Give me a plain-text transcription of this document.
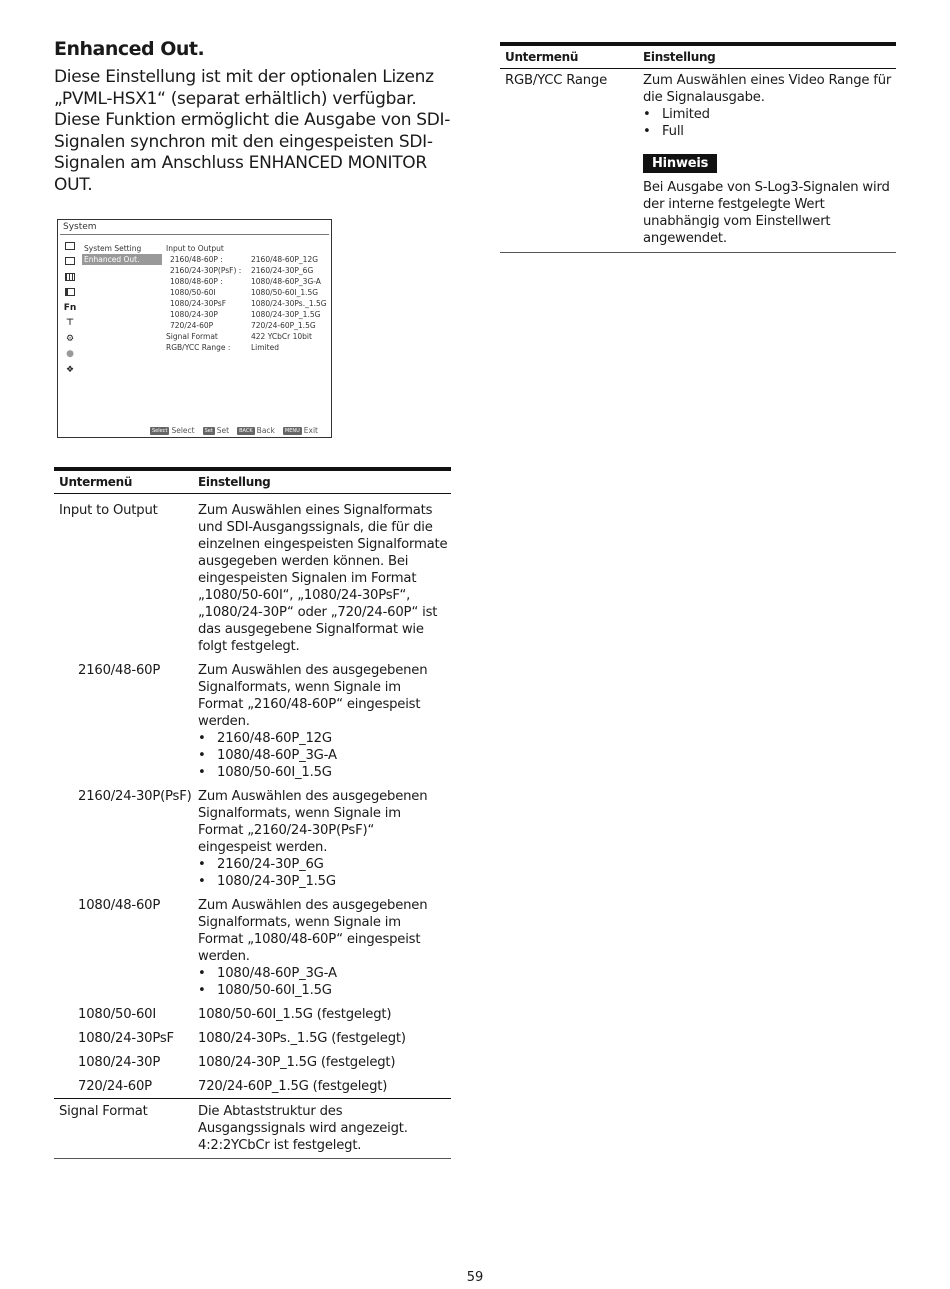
Enhanced Out.
Diese Einstellung ist mit der optionalen Lizenz „PVML-HSX1“ (separat erhältlich) verfügbar. Diese Funktion ermöglicht die Ausgabe von SDI-Signalen synchron mit den eingespeisten SDI-Signalen am Anschluss ENHANCED MONITOR OUT.
System
Fn
⊤
⚙
●
❖
System Setting
Enhanced Out.
Input to Output
2160/48-60P :
2160/24-30P(PsF) :
1080/48-60P :
1080/50-60I
1080/24-30PsF
1080/24-30P
720/24-60P
Signal Format
RGB/YCC Range :
2160/48-60P_12G
2160/24-30P_6G
1080/48-60P_3G-A
1080/50-60I_1.5G
1080/24-30Ps._1.5G
1080/24-30P_1.5G
720/24-60P_1.5G
422 YCbCr 10bit
Limited
Select Select	Set Set	BACK Back	MENU Exit
Untermenü	Einstellung
Input to Output	Zum Auswählen eines Signalformats und SDI-Ausgangssignals, die für die einzelnen eingespeisten Signalformate ausgegeben werden können. Bei eingespeisten Signalen im Format „1080/50-60I“, „1080/24-30PsF“, „1080/24-30P“ oder „720/24-60P“ ist das ausgegebene Signalformat wie folgt festgelegt.
2160/48-60P	Zum Auswählen des ausgegebenen Signalformats, wenn Signale im Format „2160/48-60P“ eingespeist werden.
• 2160/48-60P_12G
• 1080/48-60P_3G-A
• 1080/50-60I_1.5G
2160/24-30P(PsF) Zum Auswählen des ausgegebenen Signalformats, wenn Signale im Format „2160/24-30P(PsF)“ eingespeist werden.
• 2160/24-30P_6G
• 1080/24-30P_1.5G
1080/48-60P	Zum Auswählen des ausgegebenen Signalformats, wenn Signale im Format „1080/48-60P“ eingespeist werden.
• 1080/48-60P_3G-A
• 1080/50-60I_1.5G
1080/50-60I	1080/50-60I_1.5G (festgelegt)
1080/24-30PsF	1080/24-30Ps._1.5G (festgelegt)
1080/24-30P	1080/24-30P_1.5G (festgelegt)
720/24-60P	720/24-60P_1.5G (festgelegt)
Signal Format	Die Abtaststruktur des Ausgangssignals wird angezeigt. 4:2:2YCbCr ist festgelegt.
Untermenü	Einstellung
RGB/YCC Range	Zum Auswählen eines Video Range für die Signalausgabe.
• Limited
• Full
Hinweis
Bei Ausgabe von S-Log3-Signalen wird der interne festgelegte Wert unabhängig vom Einstellwert angewendet.
59
